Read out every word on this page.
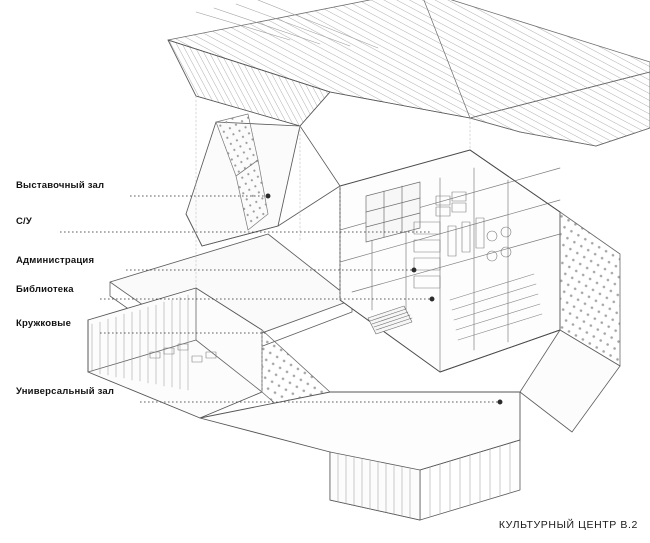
Выставочный зал
С/У
Администрация
Библиотека
Кружковые
Универсальный зал
КУЛЬТУРНЫЙ ЦЕНТР В.2
